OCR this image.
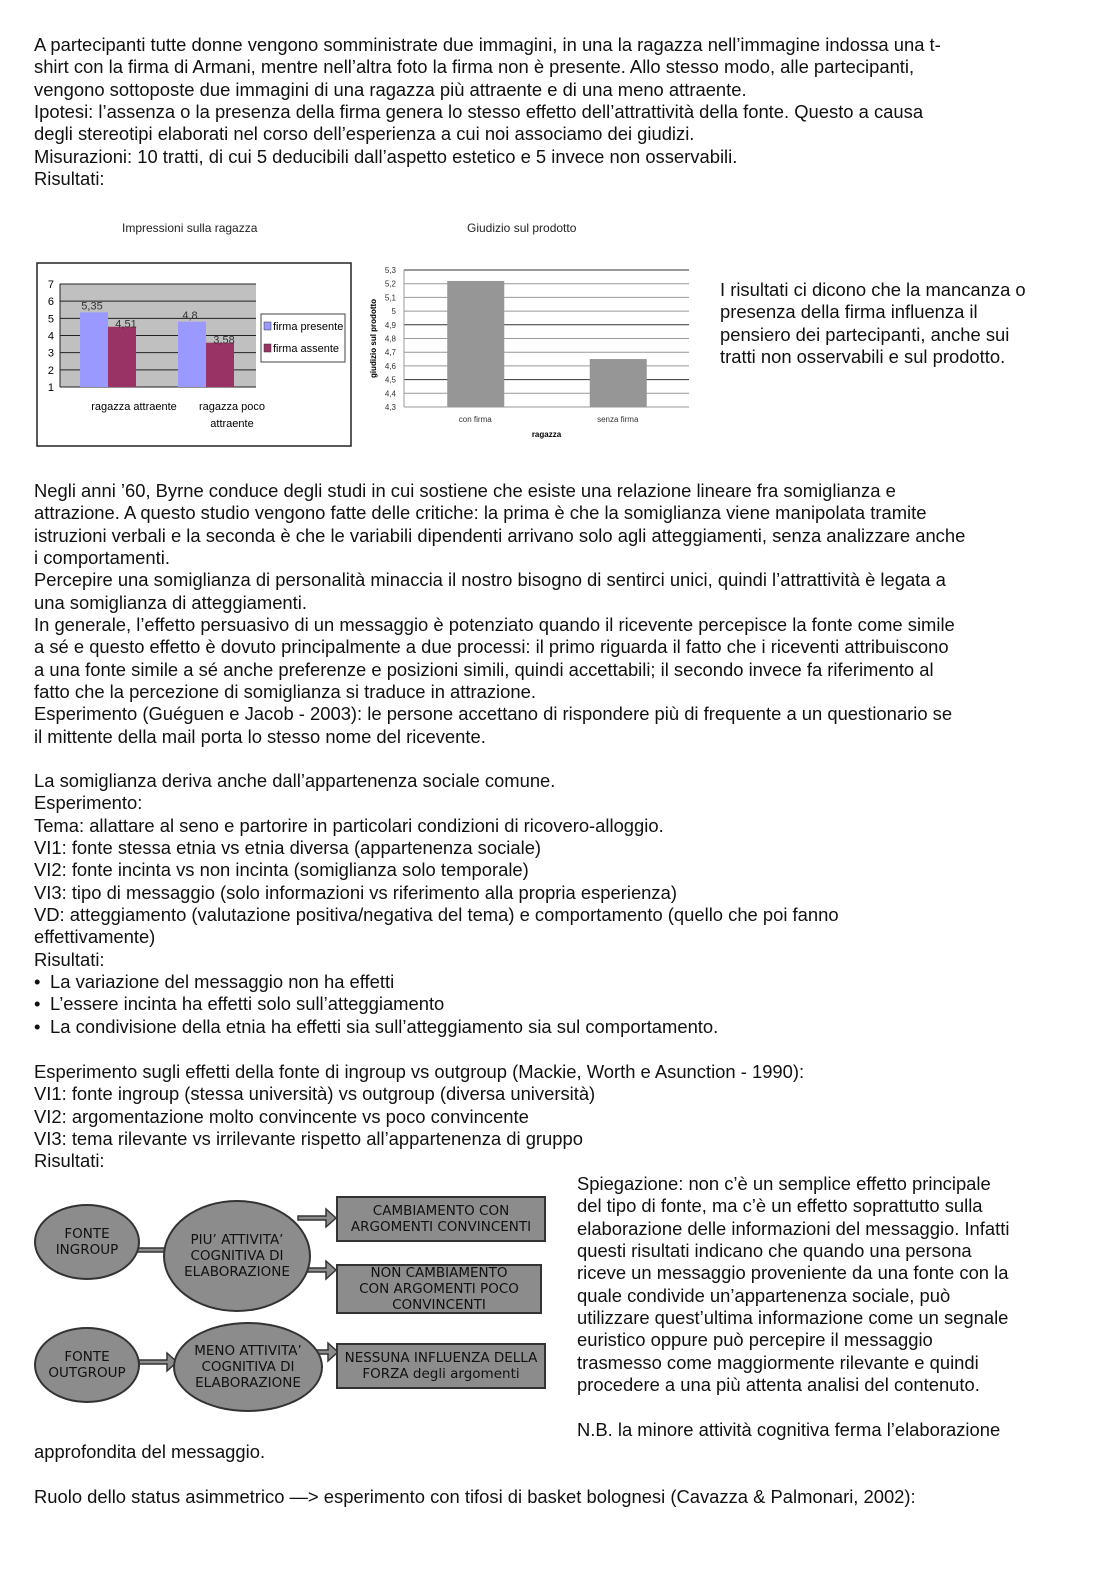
A partecipanti tutte donne vengono somministrate due immagini, in una la ragazza nell’immagine indossa una t-
shirt con la firma di Armani, mentre nell’altra foto la firma non è presente. Allo stesso modo, alle partecipanti,
vengono sottoposte due immagini di una ragazza più attraente e di una meno attraente.
Ipotesi: l’assenza o la presenza della firma genera lo stesso effetto dell’attrattività della fonte. Questo a causa
degli stereotipi elaborati nel corso dell’esperienza a cui noi associamo dei giudizi.
Misurazioni: 10 tratti, di cui 5 deducibili dall’aspetto estetico e 5 invece non osservabili.
Risultati:
Impressioni sulla ragazza
1
2
3
4
5
6
7
5,35
4,51
4,8
3,58
ragazza attraente ragazza poco attraente
firma presente
firma assente
Giudizio sul prodotto
4,3
4,4
4,5
4,6
4,7
4,8
4,9
5
5,1
5,2
5,3
con firma	senza firma
ragazza
giudizio sul prodotto
I risultati ci dicono che la mancanza o
presenza della firma influenza il
pensiero dei partecipanti, anche sui
tratti non osservabili e sul prodotto.
Negli anni ’60, Byrne conduce degli studi in cui sostiene che esiste una relazione lineare fra somiglianza e
attrazione. A questo studio vengono fatte delle critiche: la prima è che la somiglianza viene manipolata tramite
istruzioni verbali e la seconda è che le variabili dipendenti arrivano solo agli atteggiamenti, senza analizzare anche
i comportamenti.
Percepire una somiglianza di personalità minaccia il nostro bisogno di sentirci unici, quindi l’attrattività è legata a
una somiglianza di atteggiamenti.
In generale, l’effetto persuasivo di un messaggio è potenziato quando il ricevente percepisce la fonte come simile
a sé e questo effetto è dovuto principalmente a due processi: il primo riguarda il fatto che i riceventi attribuiscono
a una fonte simile a sé anche preferenze e posizioni simili, quindi accettabili; il secondo invece fa riferimento al
fatto che la percezione di somiglianza si traduce in attrazione.
Esperimento (Guéguen e Jacob - 2003): le persone accettano di rispondere più di frequente a un questionario se
il mittente della mail porta lo stesso nome del ricevente.
La somiglianza deriva anche dall’appartenenza sociale comune.
Esperimento:
Tema: allattare al seno e partorire in particolari condizioni di ricovero-alloggio.
VI1: fonte stessa etnia vs etnia diversa (appartenenza sociale)
VI2: fonte incinta vs non incinta (somiglianza solo temporale)
VI3: tipo di messaggio (solo informazioni vs riferimento alla propria esperienza)
VD: atteggiamento (valutazione positiva/negativa del tema) e comportamento (quello che poi fanno
effettivamente)
Risultati:
• La variazione del messaggio non ha effetti
• L’essere incinta ha effetti solo sull’atteggiamento
• La condivisione della etnia ha effetti sia sull’atteggiamento sia sul comportamento.
Esperimento sugli effetti della fonte di ingroup vs outgroup (Mackie, Worth e Asunction - 1990):
VI1: fonte ingroup (stessa università) vs outgroup (diversa università)
VI2: argomentazione molto convincente vs poco convincente
VI3: tema rilevante vs irrilevante rispetto all’appartenenza di gruppo
Risultati:
FONTE INGROUP
PIU’ ATTIVITA’ COGNITIVA DI ELABORAZIONE
CAMBIAMENTO CON ARGOMENTI CONVINCENTI
NON CAMBIAMENTO CON ARGOMENTI POCO CONVINCENTI
FONTE OUTGROUP
MENO ATTIVITA’ COGNITIVA DI ELABORAZIONE
NESSUNA INFLUENZA DELLA FORZA degli argomenti
Spiegazione: non c’è un semplice effetto principale
del tipo di fonte, ma c’è un effetto soprattutto sulla
elaborazione delle informazioni del messaggio. Infatti
questi risultati indicano che quando una persona
riceve un messaggio proveniente da una fonte con la
quale condivide un’appartenenza sociale, può
utilizzare quest’ultima informazione come un segnale
euristico oppure può percepire il messaggio
trasmesso come maggiormente rilevante e quindi
procedere a una più attenta analisi del contenuto.
N.B. la minore attività cognitiva ferma l’elaborazione
approfondita del messaggio.
Ruolo dello status asimmetrico —> esperimento con tifosi di basket bolognesi (Cavazza & Palmonari, 2002):
